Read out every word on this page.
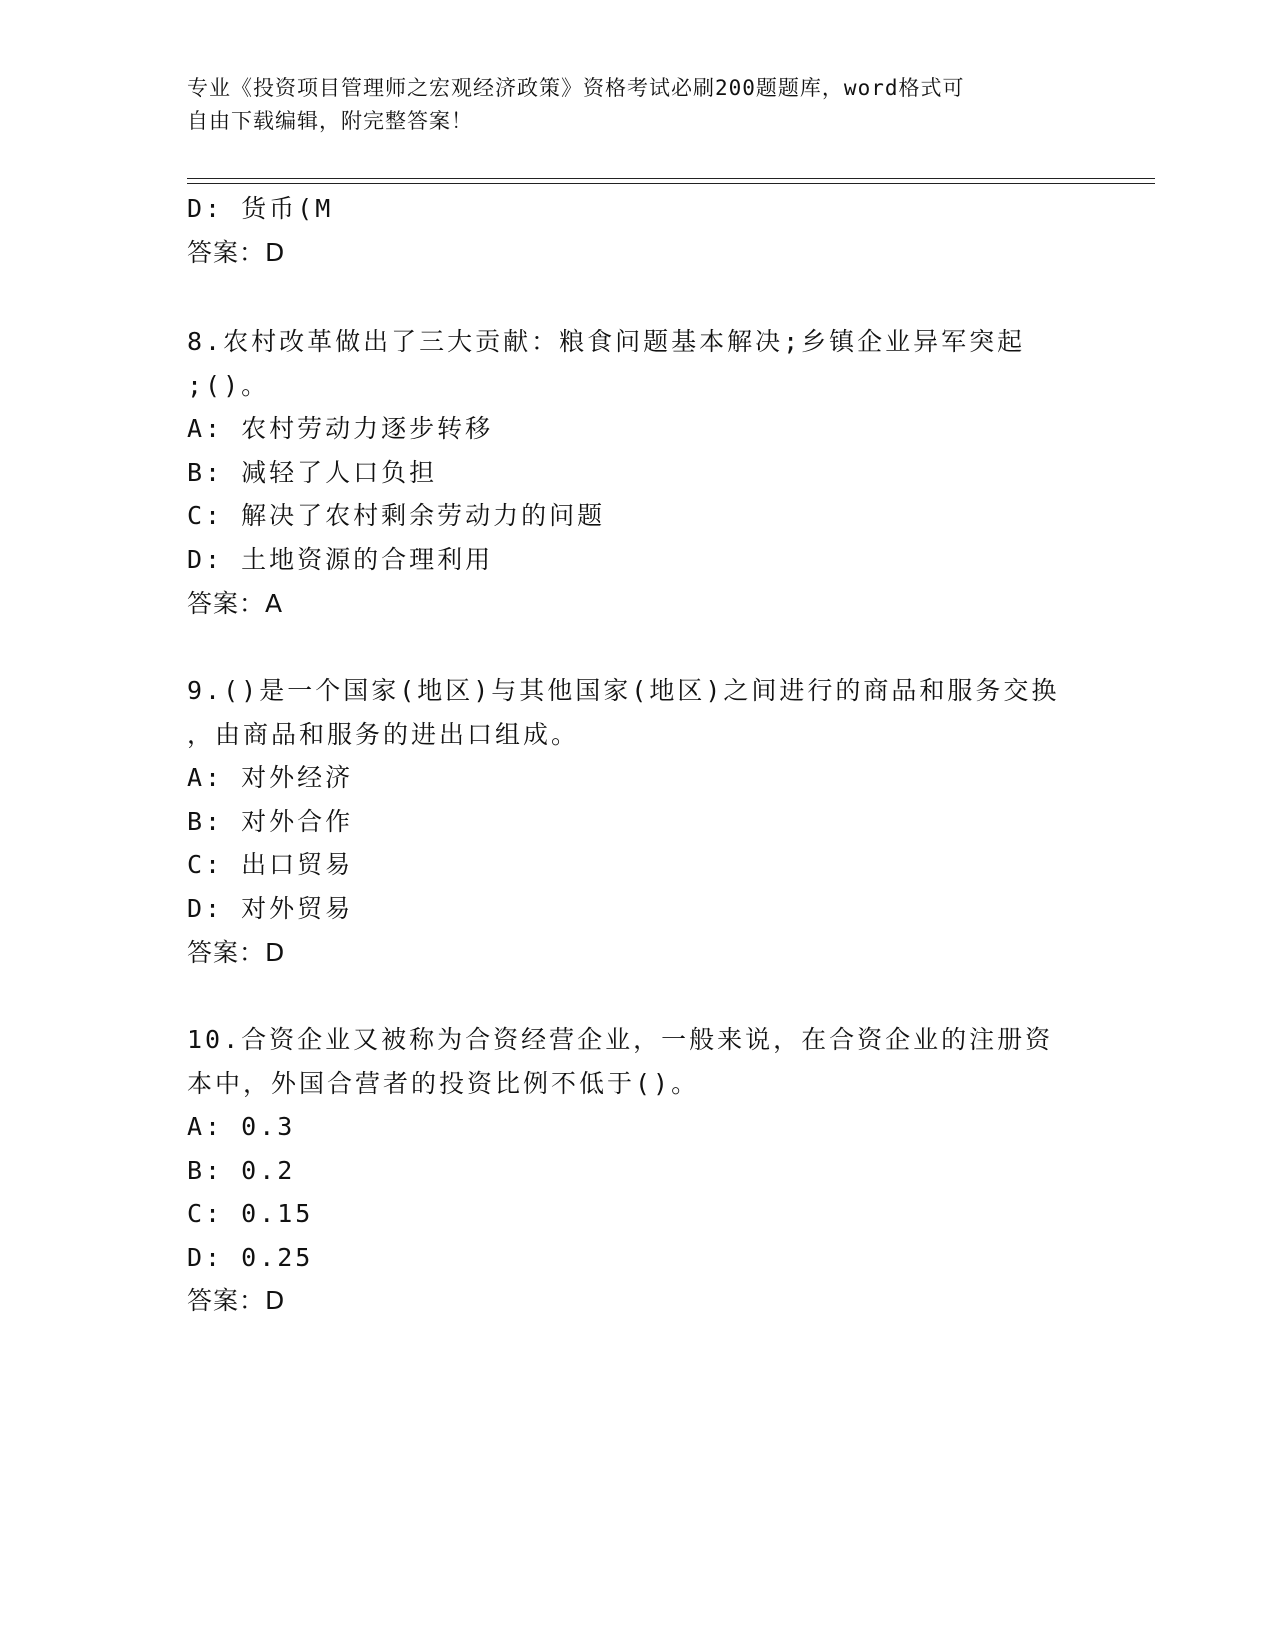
专业《投资项目管理师之宏观经济政策》资格考试必刷200题题库，word格式可
自由下载编辑，附完整答案！
D: 货币(M
答案：D
8.农村改革做出了三大贡献：粮食问题基本解决;乡镇企业异军突起
;()。
A: 农村劳动力逐步转移
B: 减轻了人口负担
C: 解决了农村剩余劳动力的问题
D: 土地资源的合理利用
答案：A
9.()是一个国家(地区)与其他国家(地区)之间进行的商品和服务交换
，由商品和服务的进出口组成。
A: 对外经济
B: 对外合作
C: 出口贸易
D: 对外贸易
答案：D
10.合资企业又被称为合资经营企业，一般来说，在合资企业的注册资
本中，外国合营者的投资比例不低于()。
A: 0.3
B: 0.2
C: 0.15
D: 0.25
答案：D
